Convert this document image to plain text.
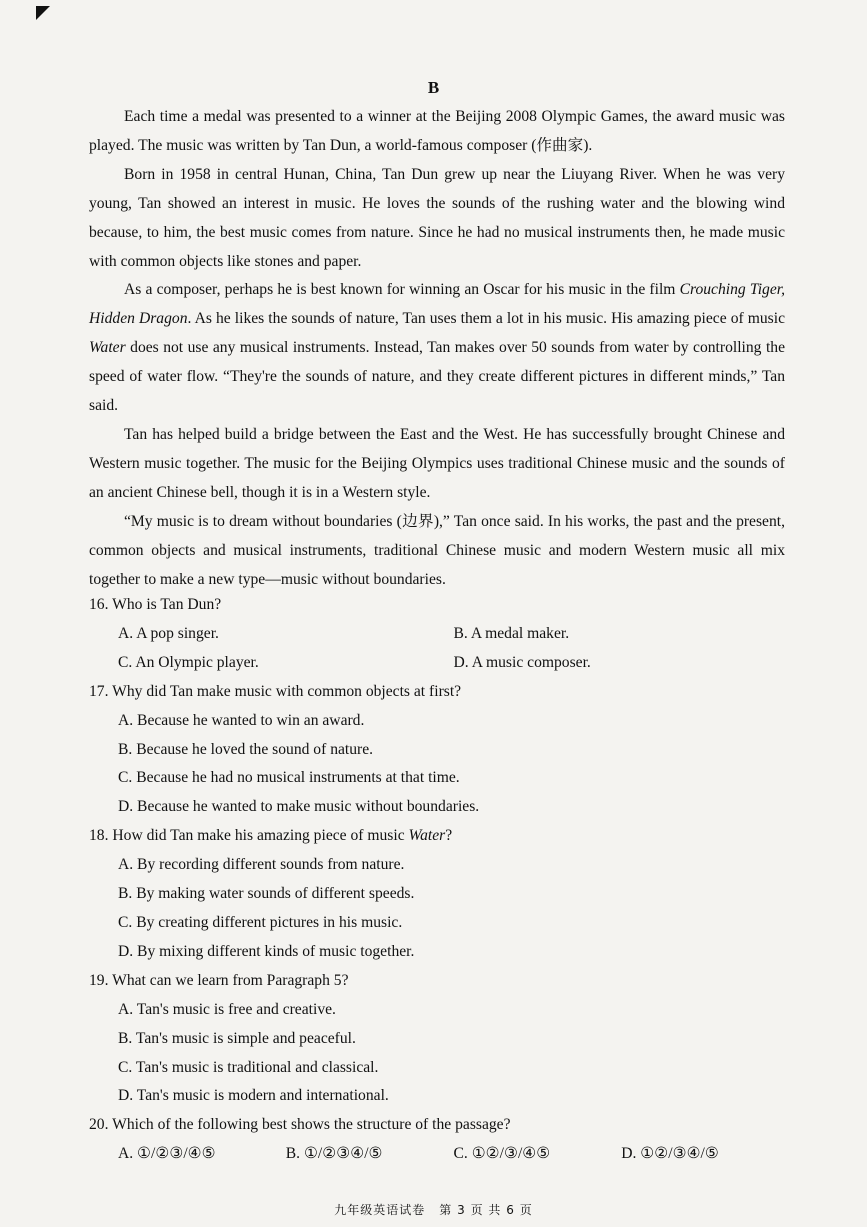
B

Each time a medal was presented to a winner at the Beijing 2008 Olympic Games, the award music was played. The music was written by Tan Dun, a world-famous composer (作曲家).

Born in 1958 in central Hunan, China, Tan Dun grew up near the Liuyang River. When he was very young, Tan showed an interest in music. He loves the sounds of the rushing water and the blowing wind because, to him, the best music comes from nature. Since he had no musical instruments then, he made music with common objects like stones and paper.

As a composer, perhaps he is best known for winning an Oscar for his music in the film Crouching Tiger, Hidden Dragon. As he likes the sounds of nature, Tan uses them a lot in his music. His amazing piece of music Water does not use any musical instruments. Instead, Tan makes over 50 sounds from water by controlling the speed of water flow. “They're the sounds of nature, and they create different pictures in different minds,” Tan said.

Tan has helped build a bridge between the East and the West. He has successfully brought Chinese and Western music together. The music for the Beijing Olympics uses traditional Chinese music and the sounds of an ancient Chinese bell, though it is in a Western style.

“My music is to dream without boundaries (边界),” Tan once said. In his works, the past and the present, common objects and musical instruments, traditional Chinese music and modern Western music all mix together to make a new type—music without boundaries.

16. Who is Tan Dun?
A. A pop singer.	B. A medal maker.
C. An Olympic player.	D. A music composer.
17. Why did Tan make music with common objects at first?
A. Because he wanted to win an award.
B. Because he loved the sound of nature.
C. Because he had no musical instruments at that time.
D. Because he wanted to make music without boundaries.
18. How did Tan make his amazing piece of music Water?
A. By recording different sounds from nature.
B. By making water sounds of different speeds.
C. By creating different pictures in his music.
D. By mixing different kinds of music together.
19. What can we learn from Paragraph 5?
A. Tan's music is free and creative.
B. Tan's music is simple and peaceful.
C. Tan's music is traditional and classical.
D. Tan's music is modern and international.
20. Which of the following best shows the structure of the passage?
A. ①/②③/④⑤	B. ①/②③④/⑤	C. ①②/③/④⑤	D. ①②/③④/⑤
九年级英语试卷 第 3 页 共 6 页
